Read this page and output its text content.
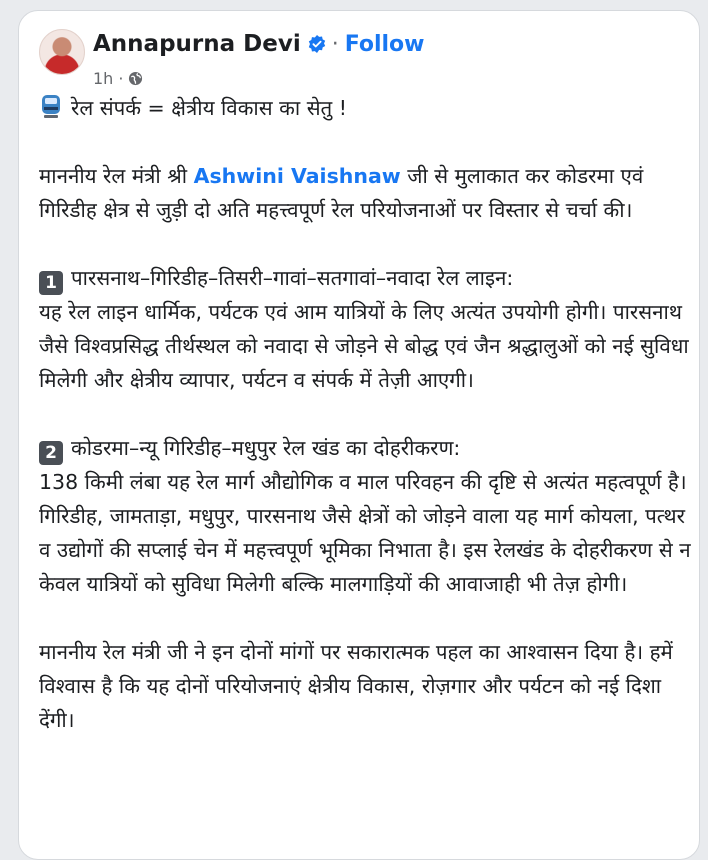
Annapurna Devi · Follow
1h ·

रेल संपर्क = क्षेत्रीय विकास का सेतु !

माननीय रेल मंत्री श्री Ashwini Vaishnaw जी से मुलाकात कर कोडरमा एवं गिरिडीह क्षेत्र से जुड़ी दो अति महत्त्वपूर्ण रेल परियोजनाओं पर विस्तार से चर्चा की।

1 पारसनाथ–गिरिडीह–तिसरी–गावां–सतगावां–नवादा रेल लाइन:
यह रेल लाइन धार्मिक, पर्यटक एवं आम यात्रियों के लिए अत्यंत उपयोगी होगी। पारसनाथ जैसे विश्वप्रसिद्ध तीर्थस्थल को नवादा से जोड़ने से बोद्ध एवं जैन श्रद्धालुओं को नई सुविधा मिलेगी और क्षेत्रीय व्यापार, पर्यटन व संपर्क में तेज़ी आएगी।

2 कोडरमा–न्यू गिरिडीह–मधुपुर रेल खंड का दोहरीकरण:
138 किमी लंबा यह रेल मार्ग औद्योगिक व माल परिवहन की दृष्टि से अत्यंत महत्वपूर्ण है। गिरिडीह, जामताड़ा, मधुपुर, पारसनाथ जैसे क्षेत्रों को जोड़ने वाला यह मार्ग कोयला, पत्थर व उद्योगों की सप्लाई चेन में महत्त्वपूर्ण भूमिका निभाता है। इस रेलखंड के दोहरीकरण से न केवल यात्रियों को सुविधा मिलेगी बल्कि मालगाड़ियों की आवाजाही भी तेज़ होगी।

माननीय रेल मंत्री जी ने इन दोनों मांगों पर सकारात्मक पहल का आश्वासन दिया है। हमें विश्वास है कि यह दोनों परियोजनाएं क्षेत्रीय विकास, रोज़गार और पर्यटन को नई दिशा देंगी।
